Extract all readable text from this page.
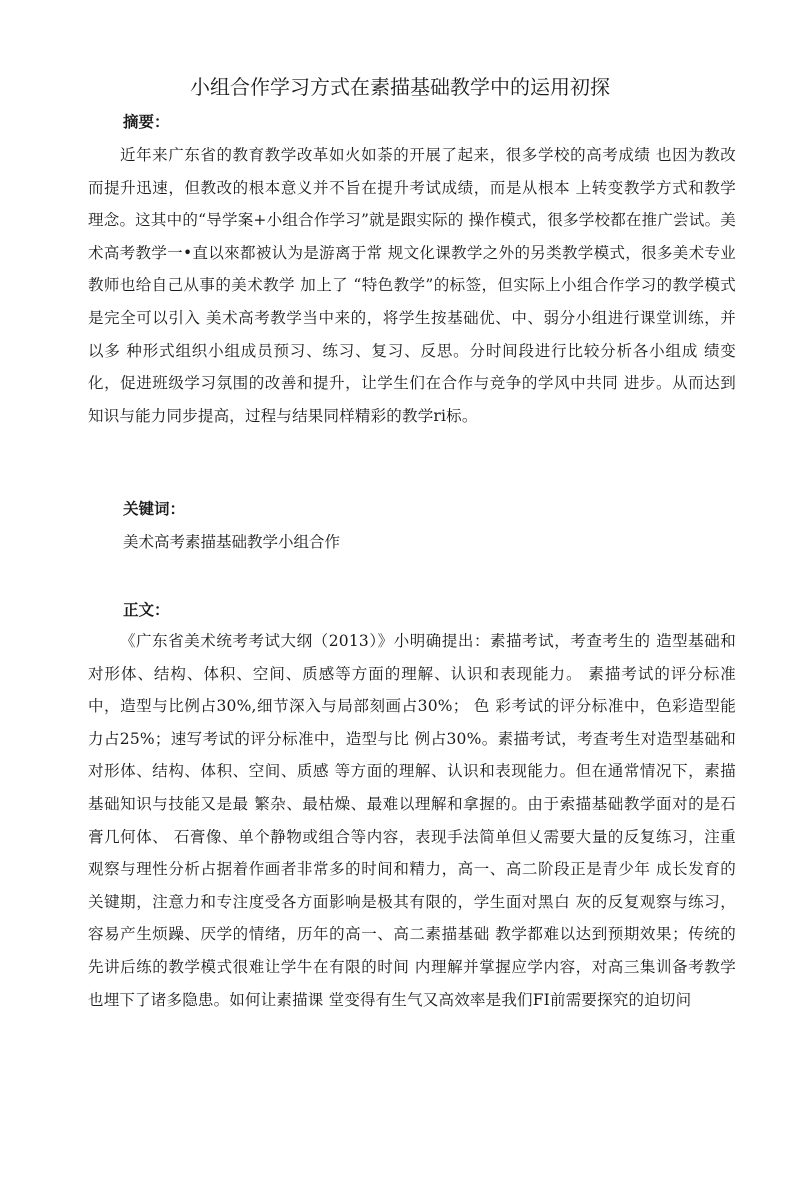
小组合作学习方式在素描基础教学中的运用初探
摘要：

近年来广东省的教育教学改革如火如荼的开展了起来，很多学校的高考成绩 也因为教改而提升迅速，但教改的根本意义并不旨在提升考试成绩，而是从根本 上转变教学方式和教学理念。这其中的“导学案+小组合作学习”就是跟实际的 操作模式，很多学校都在推广尝试。美术高考教学一•直以來都被认为是游离于常 规文化课教学之外的另类教学模式，很多美术专业教师也给自己从事的美术教学 加上了 “特色教学”的标签，但实际上小组合作学习的教学模式是完全可以引入 美术高考教学当中来的，将学生按基础优、中、弱分小组进行课堂训练，并以多 种形式组织小组成员预习、练习、复习、反思。分时间段进行比较分析各小组成 绩变化，促进班级学习氛围的改善和提升，让学生们在合作与竞争的学风中共同 进步。从而达到知识与能力同步提高，过程与结果同样精彩的教学ri标。

关键词：
美术高考素描基础教学小组合作
正文：

《广东省美术统考考试大纲（2013）》小明确提出：素描考试，考查考生的 造型基础和对形体、结构、体积、空间、质感等方面的理解、认识和表现能力。 素描考试的评分标准中，造型与比例占30%,细节深入与局部刻画占30%； 色 彩考试的评分标准中，色彩造型能力占25%；速写考试的评分标准中，造型与比 例占30%。素描考试，考查考生对造型基础和对形体、结构、体积、空间、质感 等方面的理解、认识和表现能力。但在通常情况下，素描基础知识与技能又是最 繁杂、最枯燥、最难以理解和拿握的。由于索描基础教学面对的是石膏几何体、 石膏像、单个静物或组合等内容，表现手法简单但乂需要大量的反复练习，注重 观察与理性分析占据着作画者非常多的时间和精力，高一、高二阶段正是青少年 成长发育的关键期，注意力和专注度受各方面影响是极其有限的，学生面对黑白 灰的反复观察与练习，容易产生烦躁、厌学的情绪，历年的高一、高二素描基础 教学都难以达到预期效果；传统的先讲后练的教学模式很难让学牛在有限的时间 内理解并掌握应学内容，对高三集训备考教学也埋下了诸多隐患。如何让素描课 堂变得有生气又高效率是我们FI前需要探究的迫切问
